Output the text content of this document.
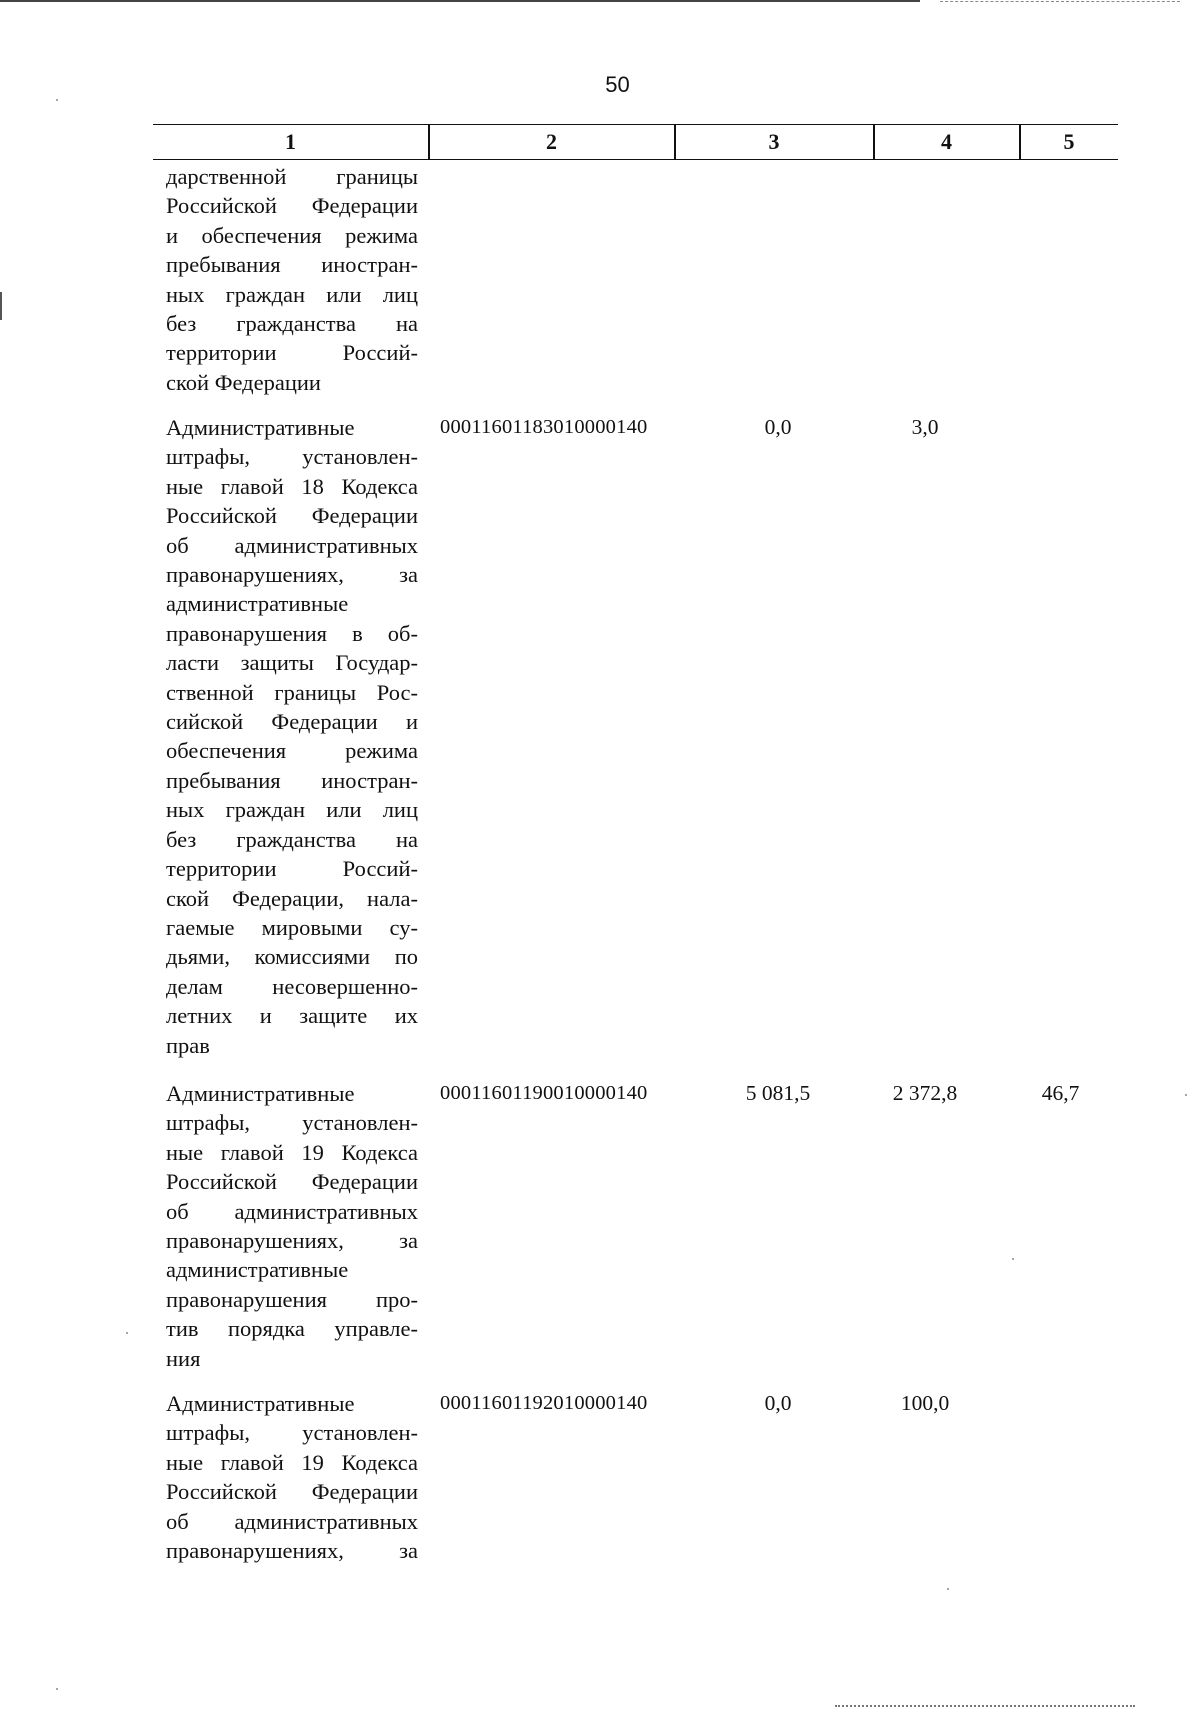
50
1	2	3	4	5
дарственной границы
Российской Федерации
и обеспечения режима
пребывания иностран-
ных граждан или лиц
без гражданства на
территории Россий-
ской Федерации
Административные
штрафы, установлен-
ные главой 18 Кодекса
Российской Федерации
об административных
правонарушениях, за
административные
правонарушения в об-
ласти защиты Государ-
ственной границы Рос-
сийской Федерации и
обеспечения режима
пребывания иностран-
ных граждан или лиц
без гражданства на
территории Россий-
ской Федерации, нала-
гаемые мировыми су-
дьями, комиссиями по
делам несовершенно-
летних и защите их
прав
00011601183010000140	0,0	3,0
Административные
штрафы, установлен-
ные главой 19 Кодекса
Российской Федерации
об административных
правонарушениях, за
административные
правонарушения про-
тив порядка управле-
ния
00011601190010000140	5 081,5	2 372,8	46,7
Административные
штрафы, установлен-
ные главой 19 Кодекса
Российской Федерации
об административных
правонарушениях, за
00011601192010000140	0,0	100,0
